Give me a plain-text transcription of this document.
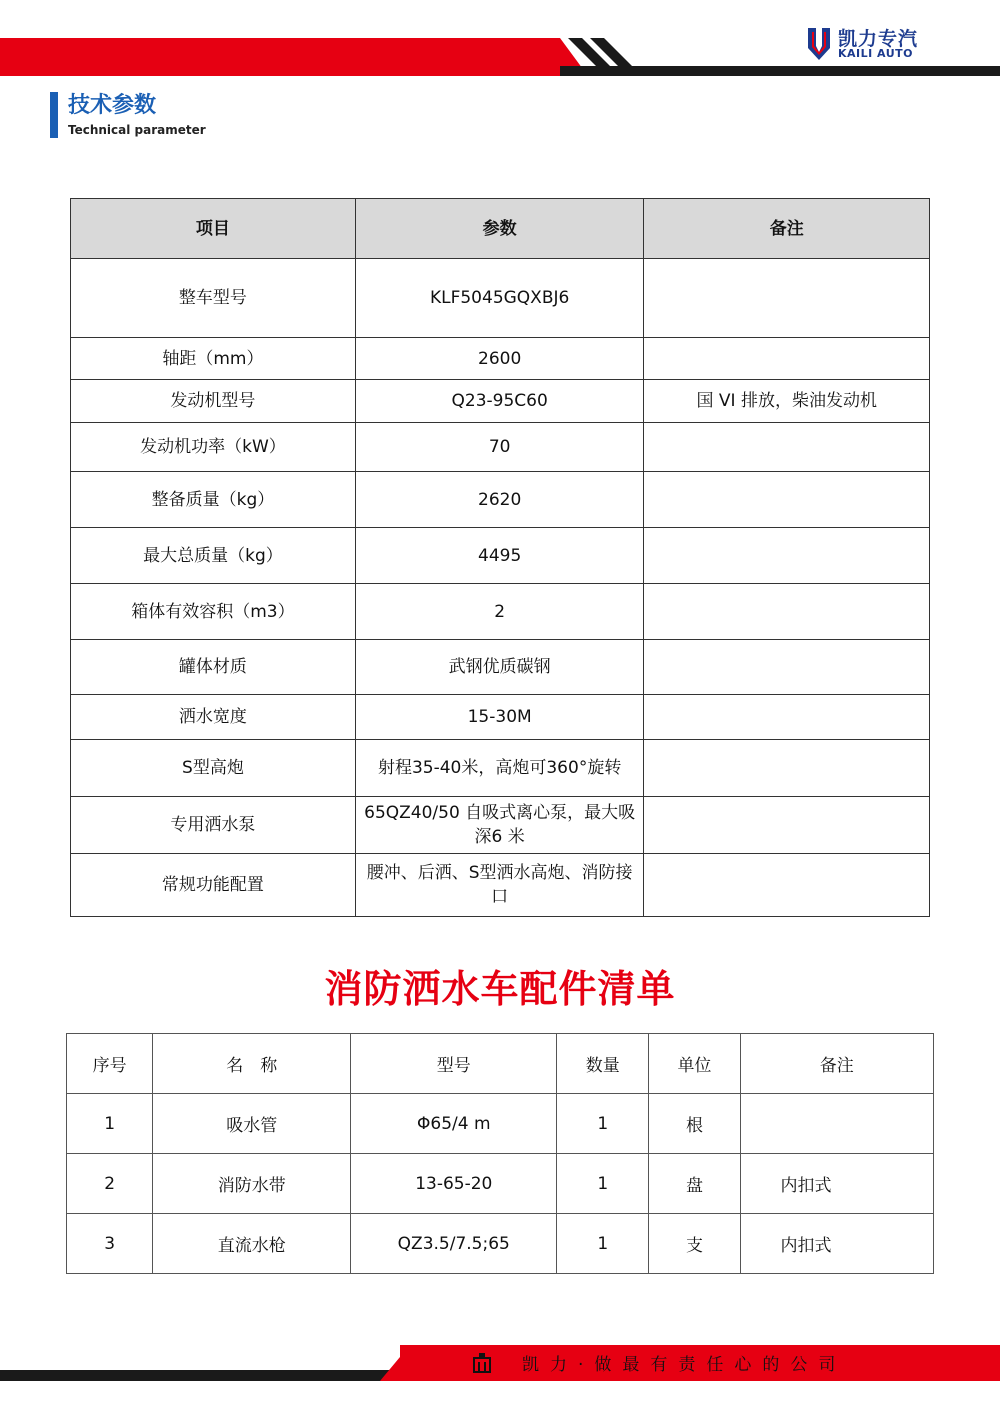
凯力专汽
KAILI AUTO
技术参数
Technical parameter
项目	参数	备注
整车型号	KLF5045GQXBJ6	
轴距（mm）	2600	
发动机型号	Q23-95C60	国 VI 排放，柴油发动机
发动机功率（kW）	70	
整备质量（kg）	2620	
最大总质量（kg）	4495	
箱体有效容积（m3）	2	
罐体材质	武钢优质碳钢	
洒水宽度	15-30M	
S型高炮	射程35-40米，高炮可360°旋转	
专用洒水泵	65QZ40/50 自吸式离心泵，最大吸深6 米	
常规功能配置	腰冲、后洒、S型洒水高炮、消防接口	
消防洒水车配件清单
序号	名　称	型号	数量	单位	备注
1	吸水管	Φ65/4 m	1	根	
2	消防水带	13-65-20	1	盘	内扣式
3	直流水枪	QZ3.5/7.5;65	1	支	内扣式
凯力·做最有责任心的公司
